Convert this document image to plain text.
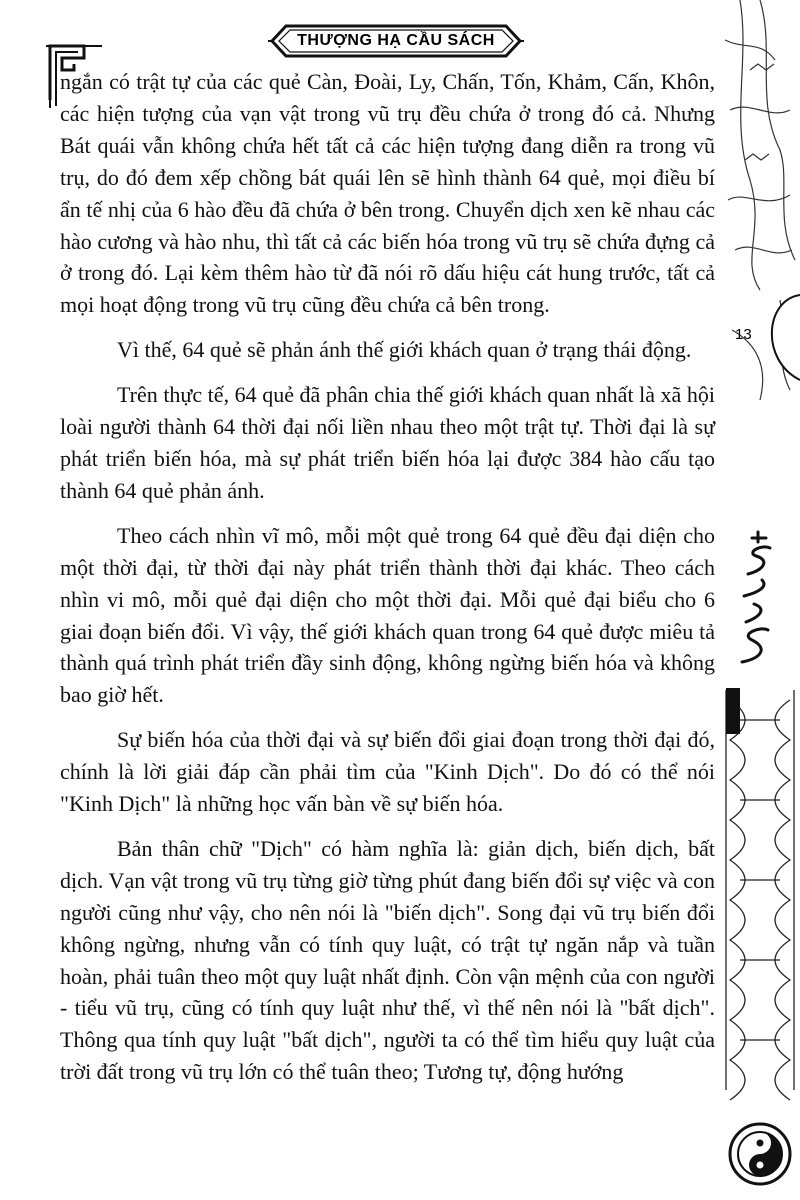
THƯỢNG HẠ CẦU SÁCH
13

ngắn có trật tự của các quẻ Càn, Đoài, Ly, Chấn, Tốn, Khảm, Cấn, Khôn, các hiện tượng của vạn vật trong vũ trụ đều chứa ở trong đó cả. Nhưng Bát quái vẫn không chứa hết tất cả các hiện tượng đang diễn ra trong vũ trụ, do đó đem xếp chồng bát quái lên sẽ hình thành 64 quẻ, mọi điều bí ẩn tế nhị của 6 hào đều đã chứa ở bên trong. Chuyển dịch xen kẽ nhau các hào cương và hào nhu, thì tất cả các biến hóa trong vũ trụ sẽ chứa đựng cả ở trong đó. Lại kèm thêm hào từ đã nói rõ dấu hiệu cát hung trước, tất cả mọi hoạt động trong vũ trụ cũng đều chứa cả bên trong.

Vì thế, 64 quẻ sẽ phản ánh thế giới khách quan ở trạng thái động.

Trên thực tế, 64 quẻ đã phân chia thế giới khách quan nhất là xã hội loài người thành 64 thời đại nối liền nhau theo một trật tự. Thời đại là sự phát triển biến hóa, mà sự phát triển biến hóa lại được 384 hào cấu tạo thành 64 quẻ phản ánh.

Theo cách nhìn vĩ mô, mỗi một quẻ trong 64 quẻ đều đại diện cho một thời đại, từ thời đại này phát triển thành thời đại khác. Theo cách nhìn vi mô, mỗi quẻ đại diện cho một thời đại. Mỗi quẻ đại biểu cho 6 giai đoạn biến đổi. Vì vậy, thế giới khách quan trong 64 quẻ được miêu tả thành quá trình phát triển đầy sinh động, không ngừng biến hóa và không bao giờ hết.

Sự biến hóa của thời đại và sự biến đổi giai đoạn trong thời đại đó, chính là lời giải đáp cần phải tìm của "Kinh Dịch". Do đó có thể nói "Kinh Dịch" là những học vấn bàn về sự biến hóa.

Bản thân chữ "Dịch" có hàm nghĩa là: giản dịch, biến dịch, bất dịch. Vạn vật trong vũ trụ từng giờ từng phút đang biến đổi sự việc và con người cũng như vậy, cho nên nói là "biến dịch". Song đại vũ trụ biến đổi không ngừng, nhưng vẫn có tính quy luật, có trật tự ngăn nắp và tuần hoàn, phải tuân theo một quy luật nhất định. Còn vận mệnh của con người - tiểu vũ trụ, cũng có tính quy luật như thế, vì thế nên nói là "bất dịch". Thông qua tính quy luật "bất dịch", người ta có thể tìm hiểu quy luật của trời đất trong vũ trụ lớn có thể tuân theo; Tương tự, động hướng
